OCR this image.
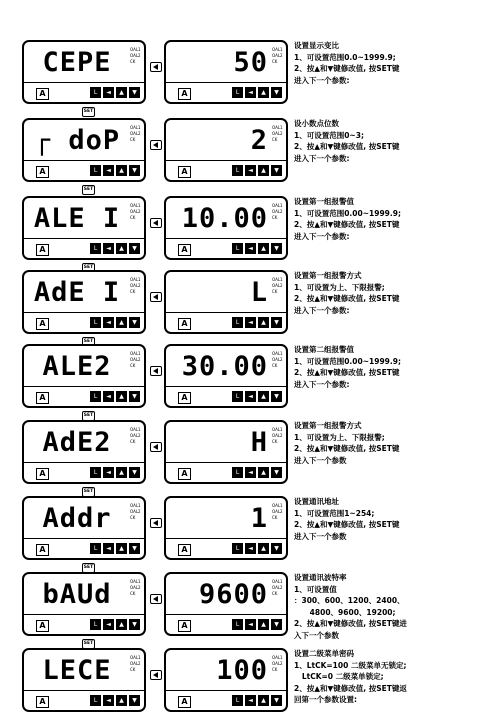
CEPE	OAL1
OAL2
CK
A	L	◄	▲	▼
50 OAL1
OAL2
CK
A	L	◄	▲	▼
SET
设置显示变比
1、可设置范围0.0~1999.9;
2、按▲和▼键修改值, 按SET键
进入下一个参数:
┌ doP OAL1
OAL2
CK
A	L	◄	▲	▼
2 OAL1
OAL2
CK
A	L	◄	▲	▼
SET
设小数点位数
1、可设置范围0~3;
2、按▲和▼键修改值, 按SET键
进入下一个参数:
ALE I OAL1
OAL2
CK
A	L	◄	▲	▼
10.00 OAL1
OAL2
CK
A	L	◄	▲	▼
SET
设置第一组报警值
1、可设置范围0.00~1999.9;
2、按▲和▼键修改值, 按SET键
进入下一个参数:
AdE I OAL1
OAL2
CK
A	L	◄	▲	▼
L OAL1
OAL2
CK
A	L	◄	▲	▼
SET
设置第一组报警方式
1、可设置为上、下限报警;
2、按▲和▼键修改值, 按SET键
进入下一个参数:
ALE2	OAL1
OAL2
CK
A	L	◄	▲	▼
30.00 OAL1
OAL2
CK
A	L	◄	▲	▼
SET
设置第二组报警值
1、可设置范围0.00~1999.9;
2、按▲和▼键修改值, 按SET键
进入下一个参数:
AdE2	OAL1
OAL2
CK
A	L	◄	▲	▼
H OAL1
OAL2
CK
A	L	◄	▲	▼
SET
设置第一组报警方式
1、可设置为上、下限报警;
2、按▲和▼键修改值, 按SET键
进入下一个参数
Addr	OAL1
OAL2
CK
A	L	◄	▲	▼
1 OAL1
OAL2
CK
A	L	◄	▲	▼
SET
设置通讯地址
1、可设置范围1~254;
2、按▲和▼键修改值, 按SET键
进入下一个参数
bAUd	OAL1
OAL2
CK
A	L	◄	▲	▼
9600 OAL1
OAL2
CK
A	L	◄	▲	▼
SET
设置通讯波特率
1、可设置值
：300、600、1200、2400、
4800、9600、19200;
2、按▲和▼键修改值, 按SET键进
入下一个参数
LECE	OAL1
OAL2
CK
A	L	◄	▲	▼
100 OAL1
OAL2
CK
A	L	◄	▲	▼
设置二级菜单密码
1、LtCK=100 二级菜单无锁定;
LtCK=0 二级菜单锁定;
2、按▲和▼键修改值, 按SET键返
回第一个参数设置:
